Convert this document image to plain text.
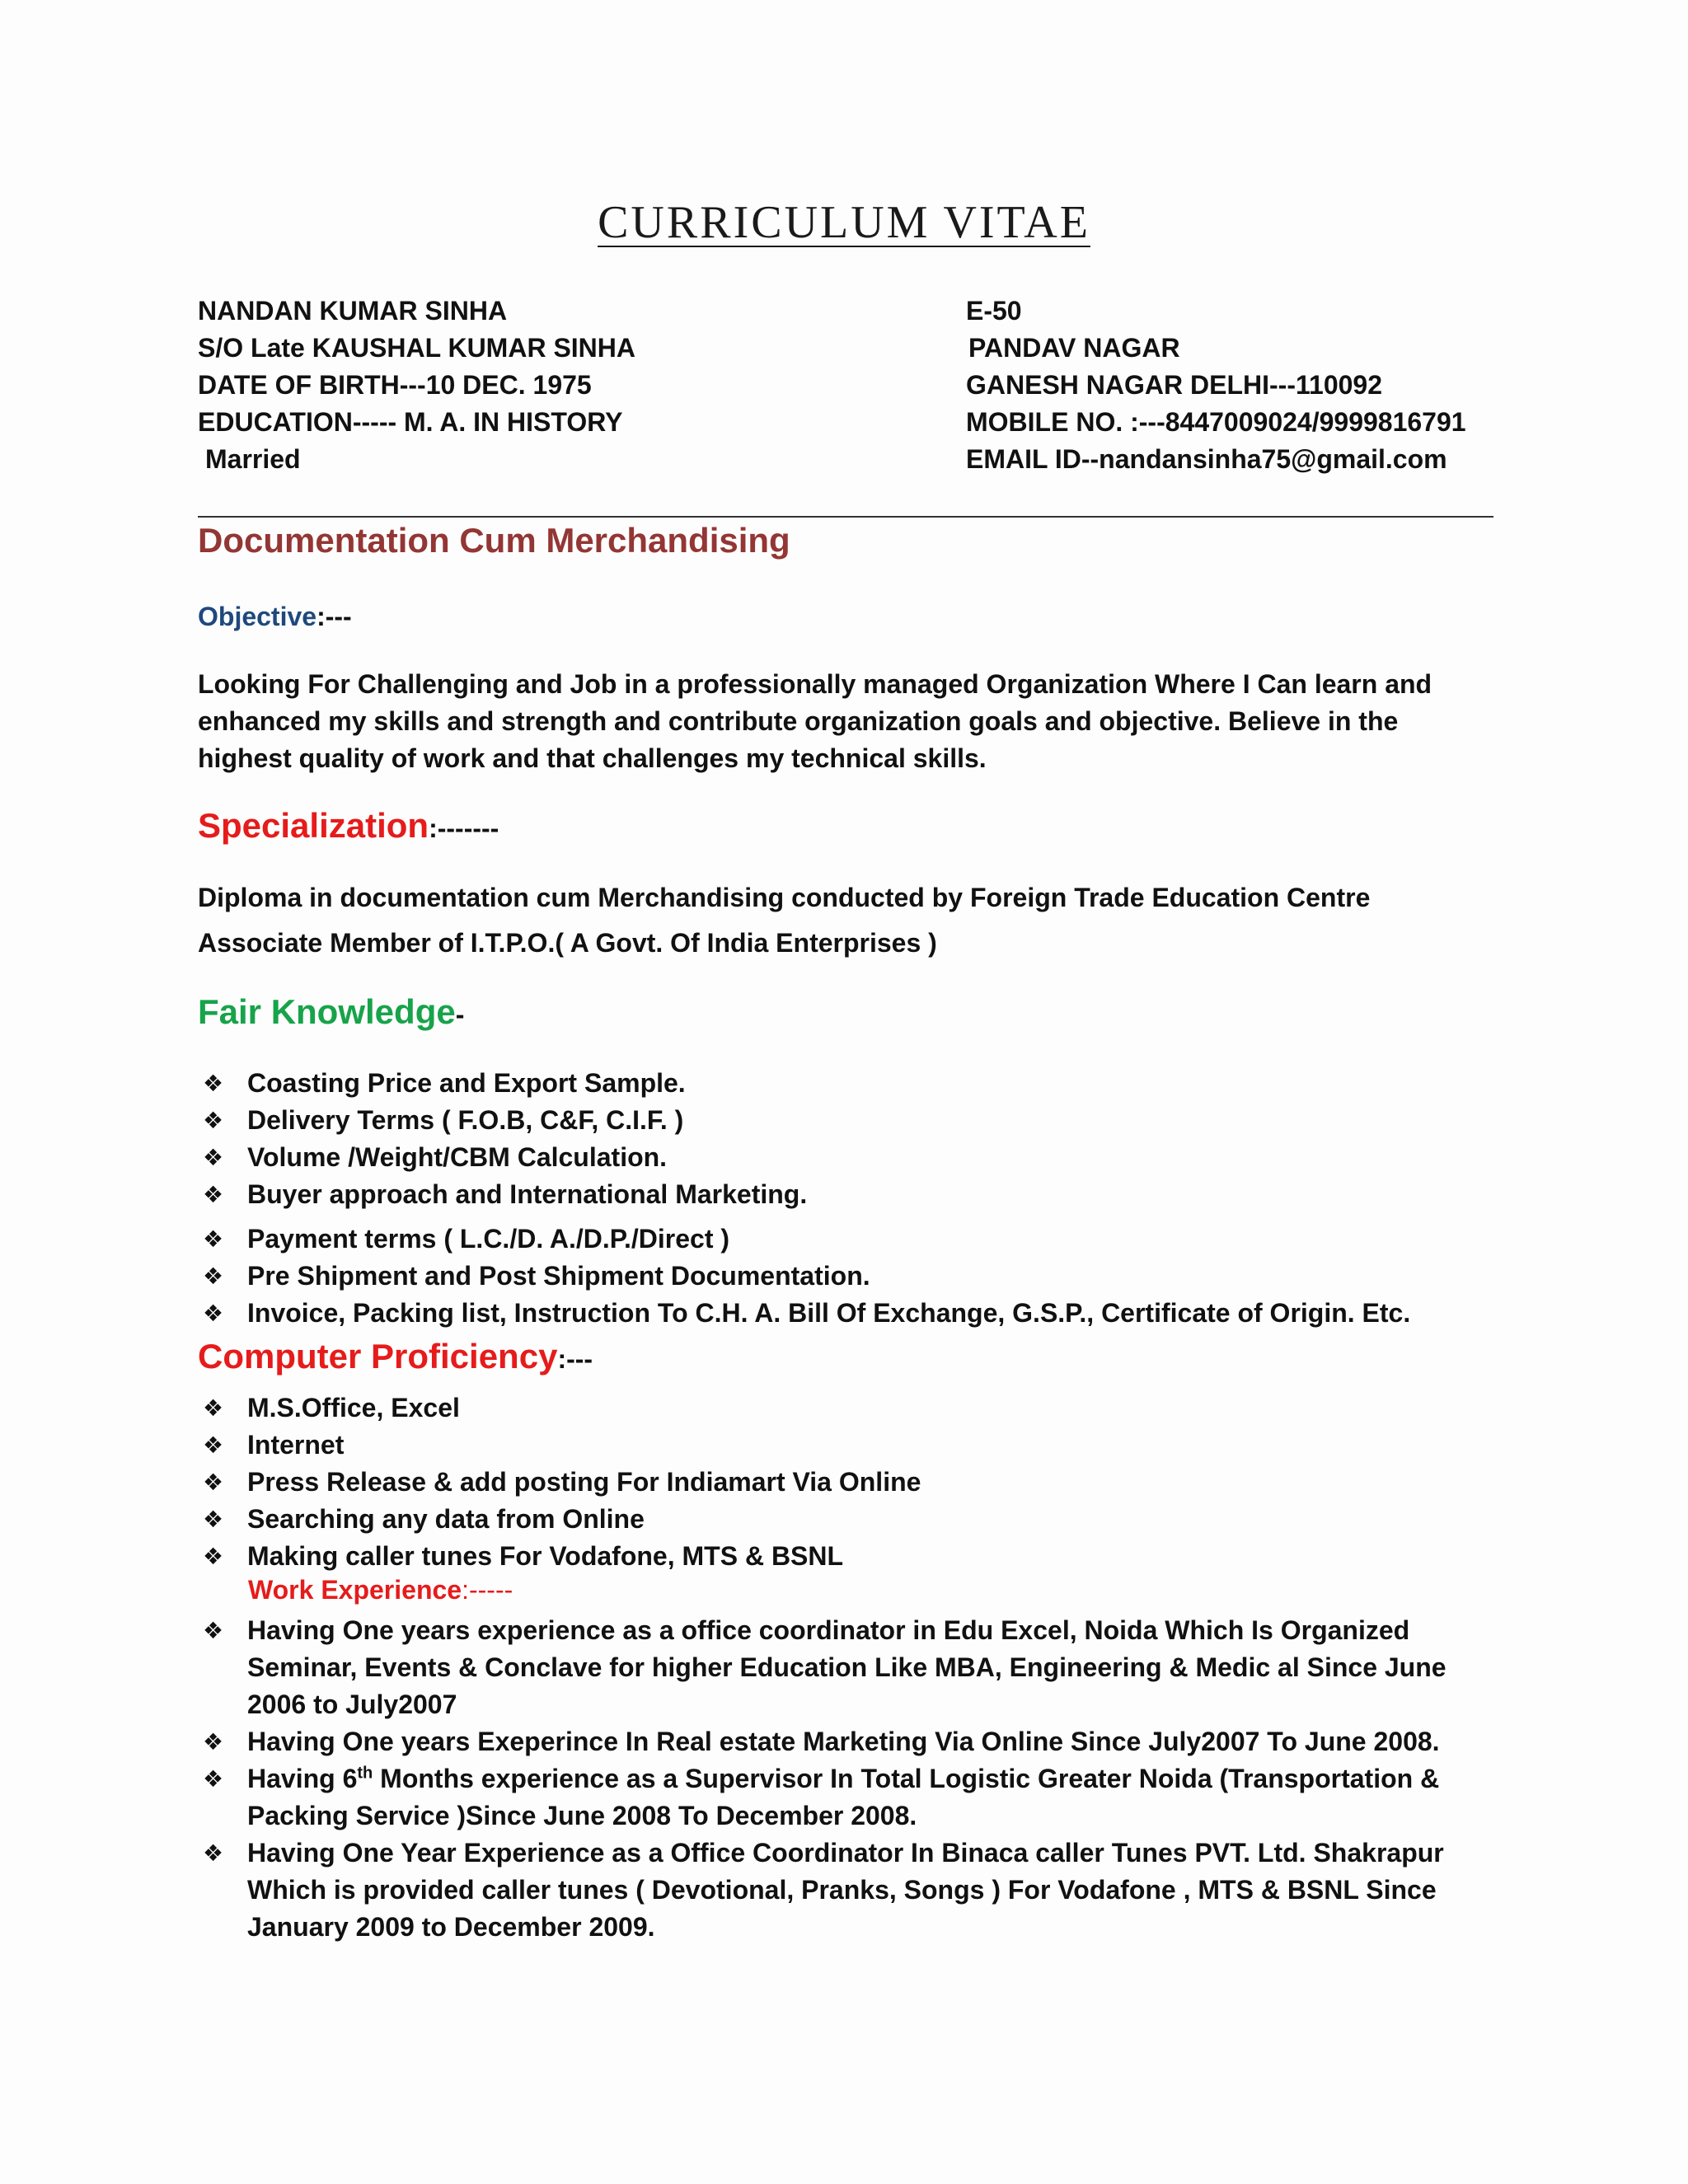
CURRICULUM VITAE
NANDAN KUMAR SINHA
S/O Late KAUSHAL KUMAR SINHA
DATE OF BIRTH---10 DEC. 1975
EDUCATION----- M. A. IN HISTORY
Married
E-50
PANDAV NAGAR
GANESH NAGAR DELHI---110092
MOBILE NO. :---8447009024/9999816791
EMAIL ID--nandansinha75@gmail.com
Documentation Cum Merchandising
Objective:---
Looking For Challenging and Job in a professionally managed Organization Where I Can learn and enhanced my skills and strength and contribute organization goals and objective. Believe in the highest quality of work and that challenges my technical skills.
Specialization:-------
Diploma in documentation cum Merchandising conducted by Foreign Trade Education Centre
Associate Member of I.T.P.O.( A Govt. Of India Enterprises )
Fair Knowledge-
❖ Coasting Price and Export Sample.
❖ Delivery Terms ( F.O.B, C&F, C.I.F. )
❖ Volume /Weight/CBM Calculation.
❖ Buyer approach and International Marketing.
❖ Payment terms ( L.C./D. A./D.P./Direct )
❖ Pre Shipment and Post Shipment Documentation.
❖ Invoice, Packing list, Instruction To C.H. A. Bill Of Exchange, G.S.P., Certificate of Origin. Etc.
Computer Proficiency:---
❖ M.S.Office, Excel
❖ Internet
❖ Press Release & add posting For Indiamart Via Online
❖ Searching any data from Online
❖ Making caller tunes For Vodafone, MTS & BSNL
Work Experience:-----
❖ Having One years experience as a office coordinator in Edu Excel, Noida Which Is Organized Seminar, Events & Conclave for higher Education Like MBA, Engineering & Medic al Since June 2006 to July2007
❖ Having One years Exeperince In Real estate Marketing Via Online Since July2007 To June 2008.
❖ Having 6th Months experience as a Supervisor In Total Logistic Greater Noida (Transportation & Packing Service )Since June 2008 To December 2008.
❖ Having One Year Experience as a Office Coordinator In Binaca caller Tunes PVT. Ltd. Shakrapur Which is provided caller tunes ( Devotional, Pranks, Songs ) For Vodafone , MTS & BSNL Since January 2009 to December 2009.
